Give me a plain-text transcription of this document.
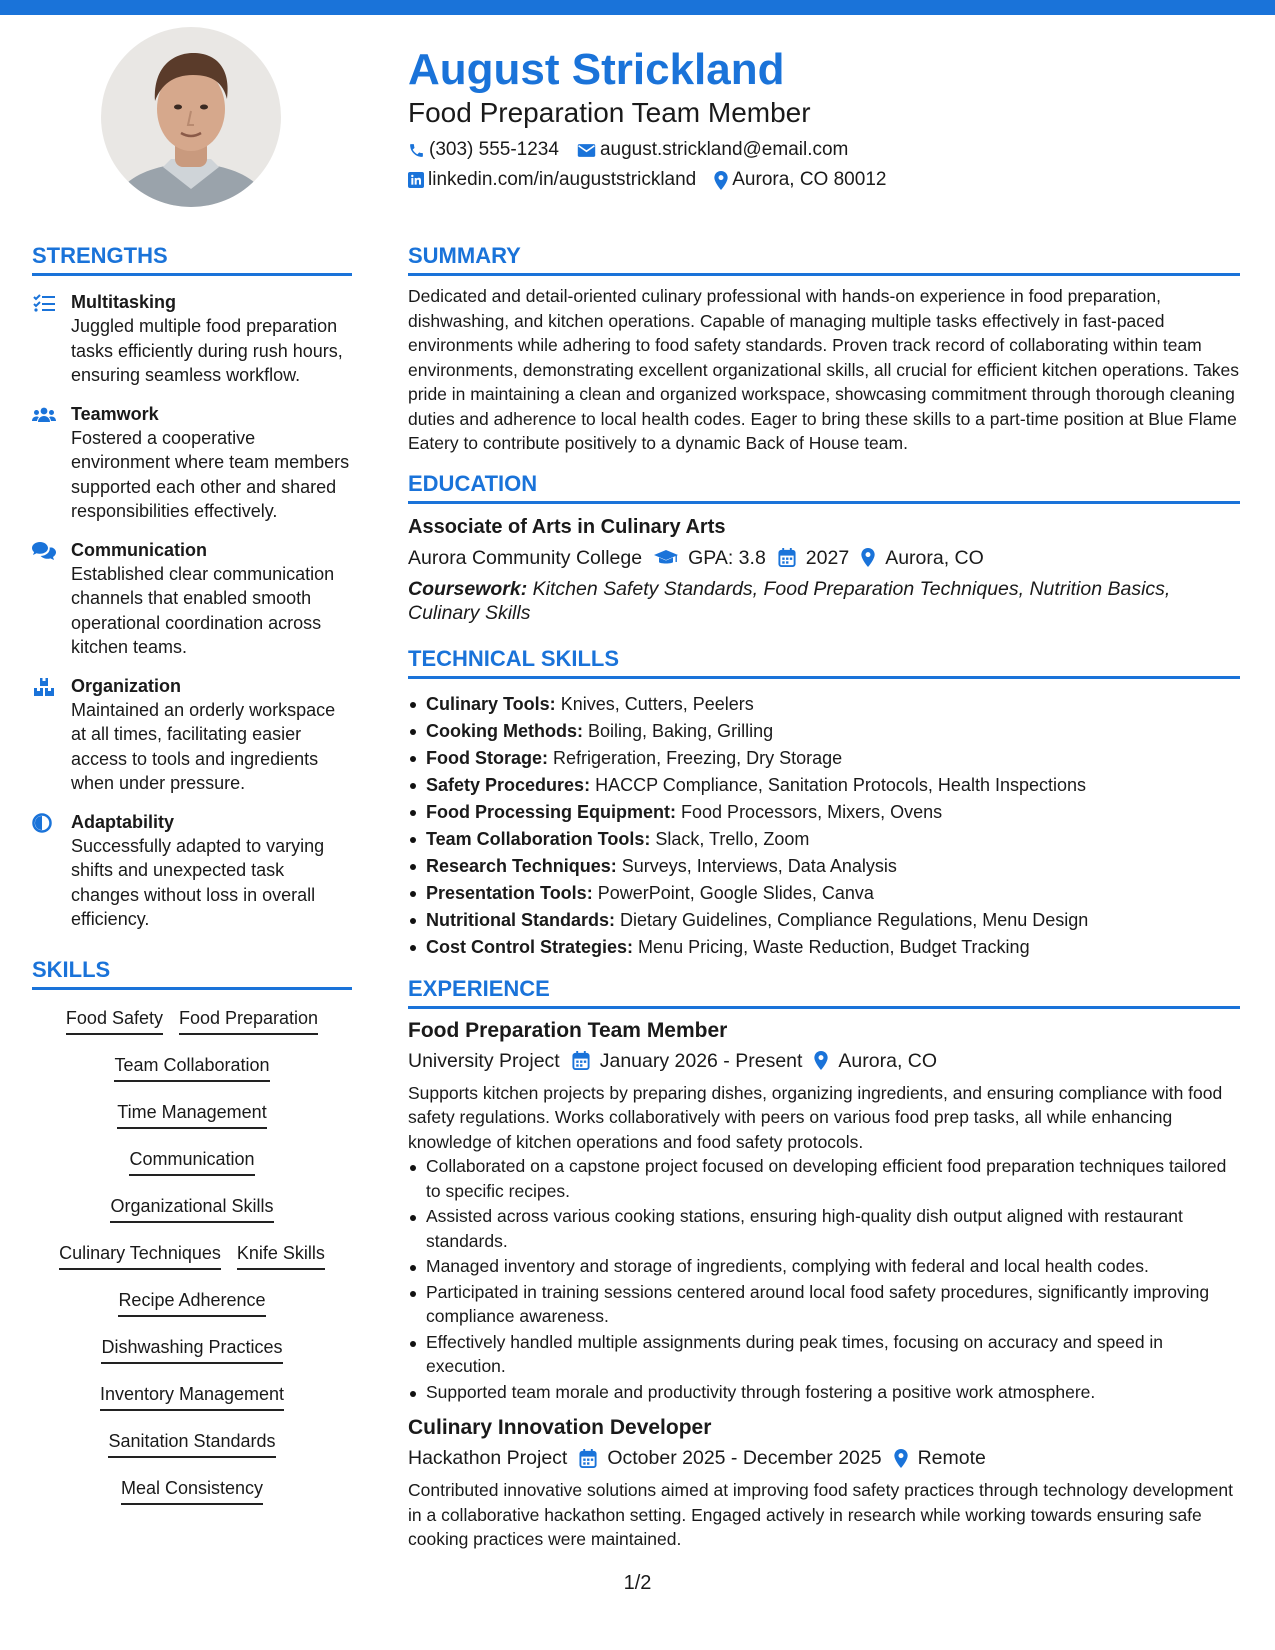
August Strickland
Food Preparation Team Member
(303) 555-1234 august.strickland@email.com
linkedin.com/in/auguststrickland Aurora, CO 80012
STRENGTHS
Multitasking
Juggled multiple food preparation tasks efficiently during rush hours, ensuring seamless workflow.
Teamwork
Fostered a cooperative environment where team members supported each other and shared responsibilities effectively.
Communication
Established clear communication channels that enabled smooth operational coordination across kitchen teams.
Organization
Maintained an orderly workspace at all times, facilitating easier access to tools and ingredients when under pressure.
Adaptability
Successfully adapted to varying shifts and unexpected task changes without loss in overall efficiency.
SKILLS
Food Safety Food Preparation
Team Collaboration
Time Management
Communication
Organizational Skills
Culinary Techniques Knife Skills
Recipe Adherence
Dishwashing Practices
Inventory Management
Sanitation Standards
Meal Consistency
SUMMARY

Dedicated and detail-oriented culinary professional with hands-on experience in food preparation, dishwashing, and kitchen operations. Capable of managing multiple tasks effectively in fast-paced environments while adhering to food safety standards. Proven track record of collaborating within team environments, demonstrating excellent organizational skills, all crucial for efficient kitchen operations. Takes pride in maintaining a clean and organized workspace, showcasing commitment through thorough cleaning duties and adherence to local health codes. Eager to bring these skills to a part-time position at Blue Flame Eatery to contribute positively to a dynamic Back of House team.

EDUCATION
Associate of Arts in Culinary Arts
Aurora Community College GPA: 3.8 2027 Aurora, CO
Coursework: Kitchen Safety Standards, Food Preparation Techniques, Nutrition Basics, Culinary Skills
TECHNICAL SKILLS
Culinary Tools: Knives, Cutters, Peelers
Cooking Methods: Boiling, Baking, Grilling
Food Storage: Refrigeration, Freezing, Dry Storage
Safety Procedures: HACCP Compliance, Sanitation Protocols, Health Inspections
Food Processing Equipment: Food Processors, Mixers, Ovens
Team Collaboration Tools: Slack, Trello, Zoom
Research Techniques: Surveys, Interviews, Data Analysis
Presentation Tools: PowerPoint, Google Slides, Canva
Nutritional Standards: Dietary Guidelines, Compliance Regulations, Menu Design
Cost Control Strategies: Menu Pricing, Waste Reduction, Budget Tracking
EXPERIENCE
Food Preparation Team Member
University Project January 2026 - Present Aurora, CO

Supports kitchen projects by preparing dishes, organizing ingredients, and ensuring compliance with food safety regulations. Works collaboratively with peers on various food prep tasks, all while enhancing knowledge of kitchen operations and food safety protocols.

Collaborated on a capstone project focused on developing efficient food preparation techniques tailored to specific recipes.
Assisted across various cooking stations, ensuring high-quality dish output aligned with restaurant standards.
Managed inventory and storage of ingredients, complying with federal and local health codes.
Participated in training sessions centered around local food safety procedures, significantly improving compliance awareness.
Effectively handled multiple assignments during peak times, focusing on accuracy and speed in execution.
Supported team morale and productivity through fostering a positive work atmosphere.
Culinary Innovation Developer
Hackathon Project October 2025 - December 2025 Remote

Contributed innovative solutions aimed at improving food safety practices through technology development in a collaborative hackathon setting. Engaged actively in research while working towards ensuring safe cooking practices were maintained.

1/2
